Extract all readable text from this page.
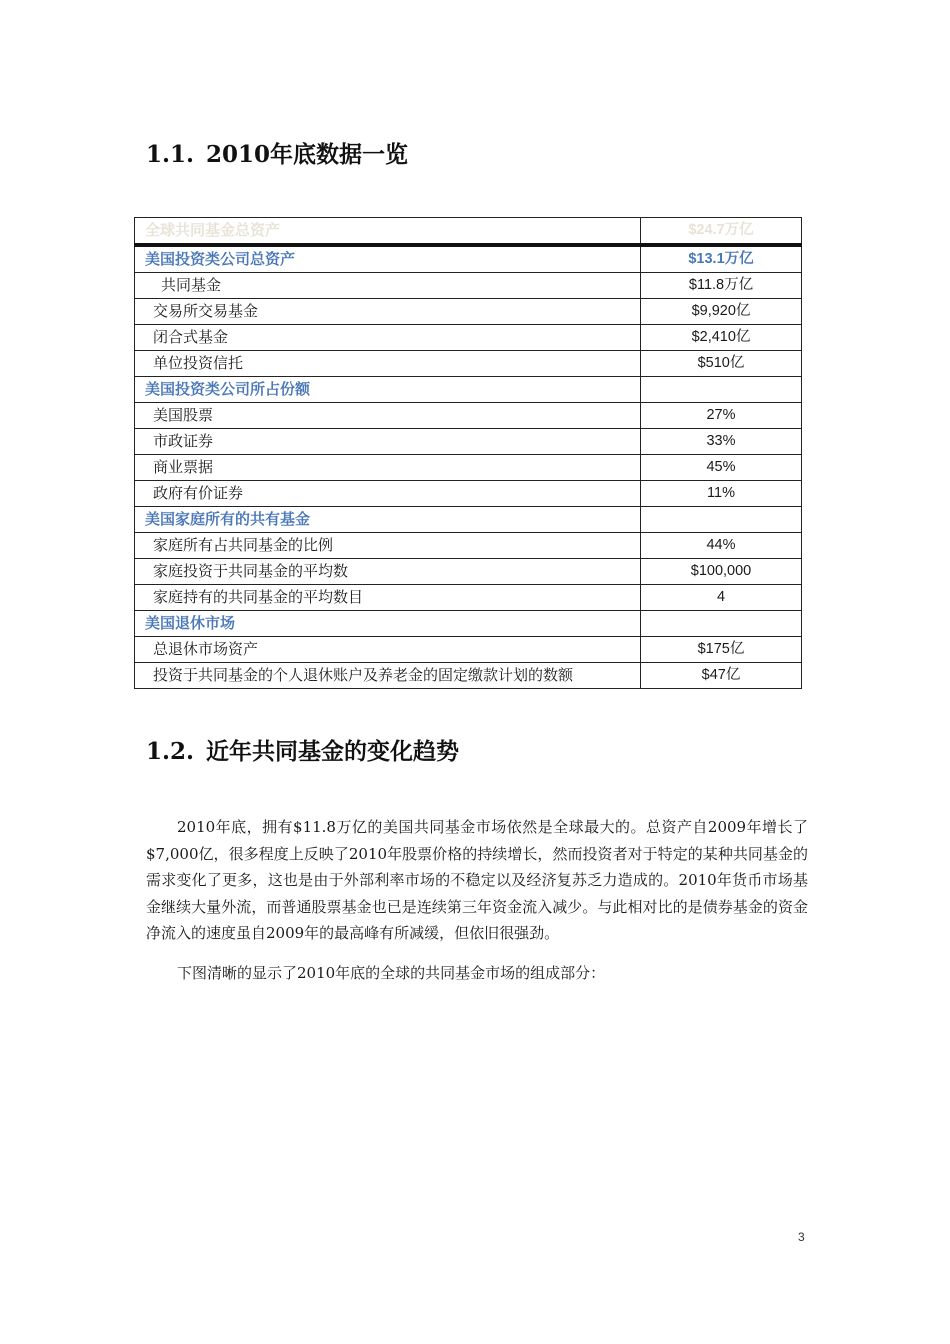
1.1. 2010年底数据一览
全球共同基金总资产	$24.7万亿
美国投资类公司总资产	$13.1万亿
共同基金	$11.8万亿
交易所交易基金	$9,920亿
闭合式基金	$2,410亿
单位投资信托	$510亿
美国投资类公司所占份额	
美国股票	27%
市政证券	33%
商业票据	45%
政府有价证券	11%
美国家庭所有的共有基金	
家庭所有占共同基金的比例	44%
家庭投资于共同基金的平均数	$100,000
家庭持有的共同基金的平均数目	4
美国退休市场	
总退休市场资产	$175亿
投资于共同基金的个人退休账户及养老金的固定缴款计划的数额	$47亿
1.2. 近年共同基金的变化趋势

2010年底，拥有$11.8万亿的美国共同基金市场依然是全球最大的。总资产自2009年增长了$7,000亿，很多程度上反映了2010年股票价格的持续增长，然而投资者对于特定的某种共同基金的需求变化了更多，这也是由于外部利率市场的不稳定以及经济复苏乏力造成的。2010年货币市场基金继续大量外流，而普通股票基金也已是连续第三年资金流入减少。与此相对比的是债券基金的资金净流入的速度虽自2009年的最高峰有所减缓，但依旧很强劲。

下图清晰的显示了2010年底的全球的共同基金市场的组成部分：

3
